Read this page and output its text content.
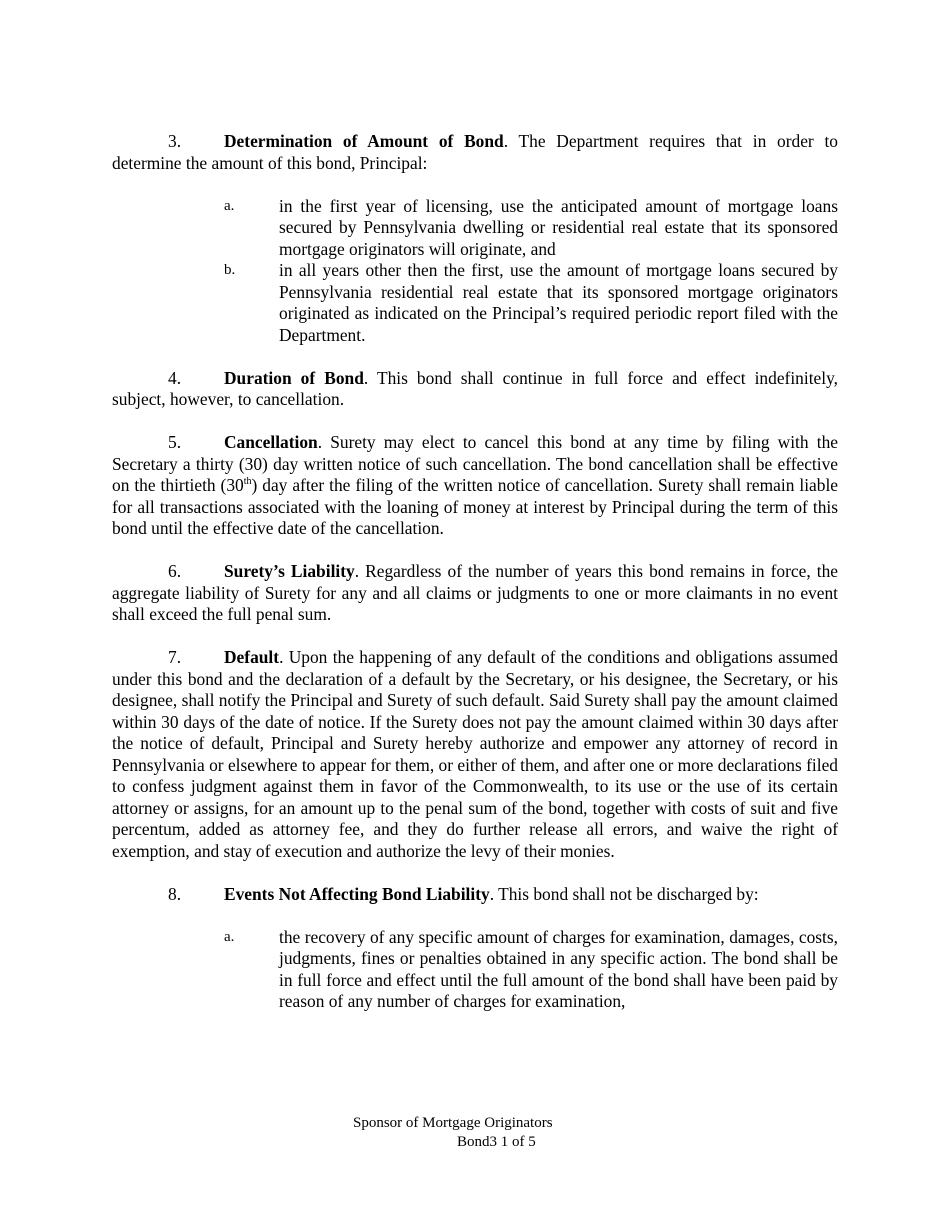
3. Determination of Amount of Bond. The Department requires that in order to determine the amount of this bond, Principal:

a.	in the first year of licensing, use the anticipated amount of mortgage loans secured by Pennsylvania dwelling or residential real estate that its sponsored mortgage originators will originate, and
b.	in all years other then the first, use the amount of mortgage loans secured by Pennsylvania residential real estate that its sponsored mortgage originators originated as indicated on the Principal’s required periodic report filed with the Department.

4. Duration of Bond. This bond shall continue in full force and effect indefinitely, subject, however, to cancellation.

5. Cancellation. Surety may elect to cancel this bond at any time by filing with the Secretary a thirty (30) day written notice of such cancellation. The bond cancellation shall be effective on the thirtieth (30th) day after the filing of the written notice of cancellation. Surety shall remain liable for all transactions associated with the loaning of money at interest by Principal during the term of this bond until the effective date of the cancellation.

6. Surety’s Liability. Regardless of the number of years this bond remains in force, the aggregate liability of Surety for any and all claims or judgments to one or more claimants in no event shall exceed the full penal sum.

7. Default. Upon the happening of any default of the conditions and obligations assumed under this bond and the declaration of a default by the Secretary, or his designee, the Secretary, or his designee, shall notify the Principal and Surety of such default. Said Surety shall pay the amount claimed within 30 days of the date of notice. If the Surety does not pay the amount claimed within 30 days after the notice of default, Principal and Surety hereby authorize and empower any attorney of record in Pennsylvania or elsewhere to appear for them, or either of them, and after one or more declarations filed to confess judgment against them in favor of the Commonwealth, to its use or the use of its certain attorney or assigns, for an amount up to the penal sum of the bond, together with costs of suit and five percentum, added as attorney fee, and they do further release all errors, and waive the right of exemption, and stay of execution and authorize the levy of their monies.

8. Events Not Affecting Bond Liability. This bond shall not be discharged by:

a.	the recovery of any specific amount of charges for examination, damages, costs, judgments, fines or penalties obtained in any specific action. The bond shall be in full force and effect until the full amount of the bond shall have been paid by reason of any number of charges for examination,
Sponsor of Mortgage Originators
Bond3 1 of 5
